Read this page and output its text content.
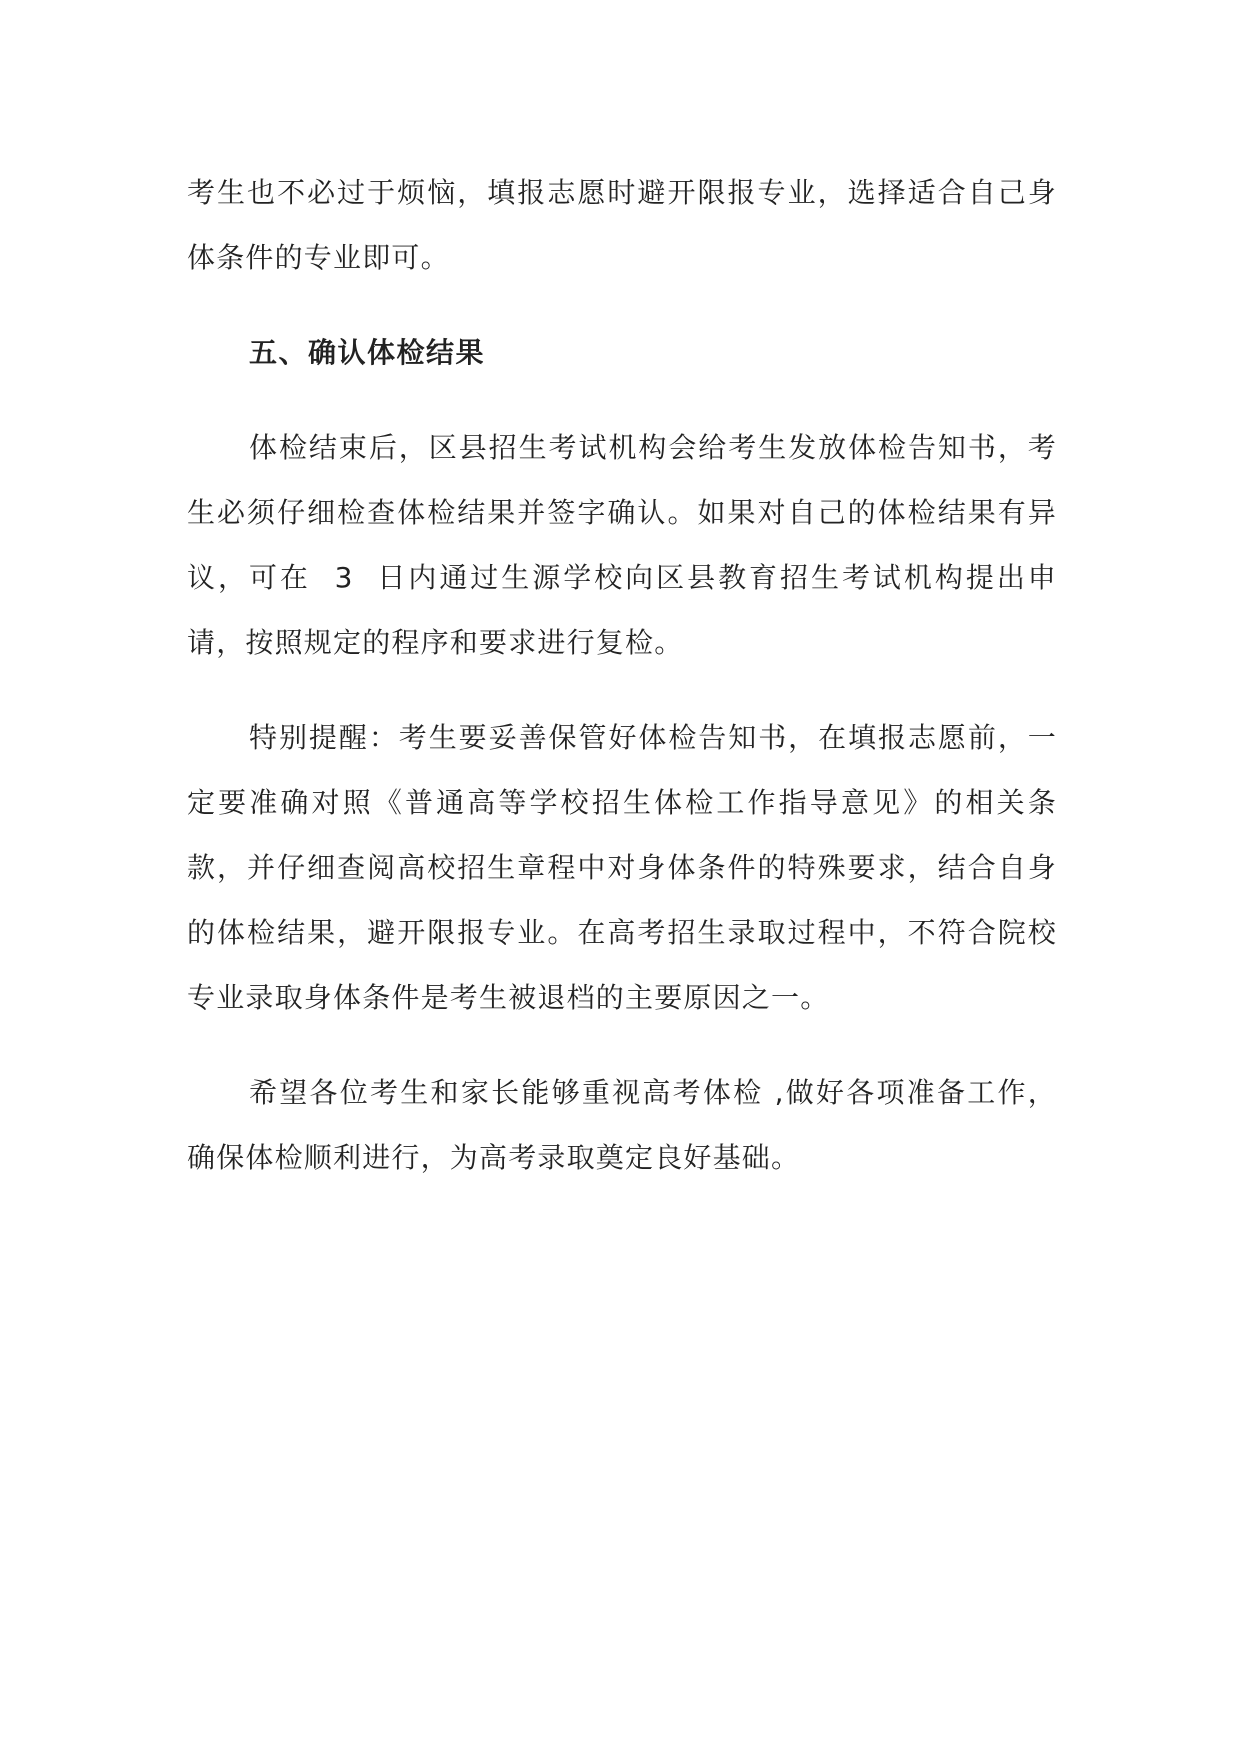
考生也不必过于烦恼，填报志愿时避开限报专业，选择适合自己身体条件的专业即可。

五、确认体检结果

体检结束后，区县招生考试机构会给考生发放体检告知书，考生必须仔细检查体检结果并签字确认。如果对自己的体检结果有异议，可在  3  日内通过生源学校向区县教育招生考试机构提出申请，按照规定的程序和要求进行复检。

特别提醒：考生要妥善保管好体检告知书，在填报志愿前，一定要准确对照《普通高等学校招生体检工作指导意见》的相关条款，并仔细查阅高校招生章程中对身体条件的特殊要求，结合自身的体检结果，避开限报专业。在高考招生录取过程中，不符合院校专业录取身体条件是考生被退档的主要原因之一。

希望各位考生和家长能够重视高考体检 ,做好各项准备工作，确保体检顺利进行，为高考录取奠定良好基础。
